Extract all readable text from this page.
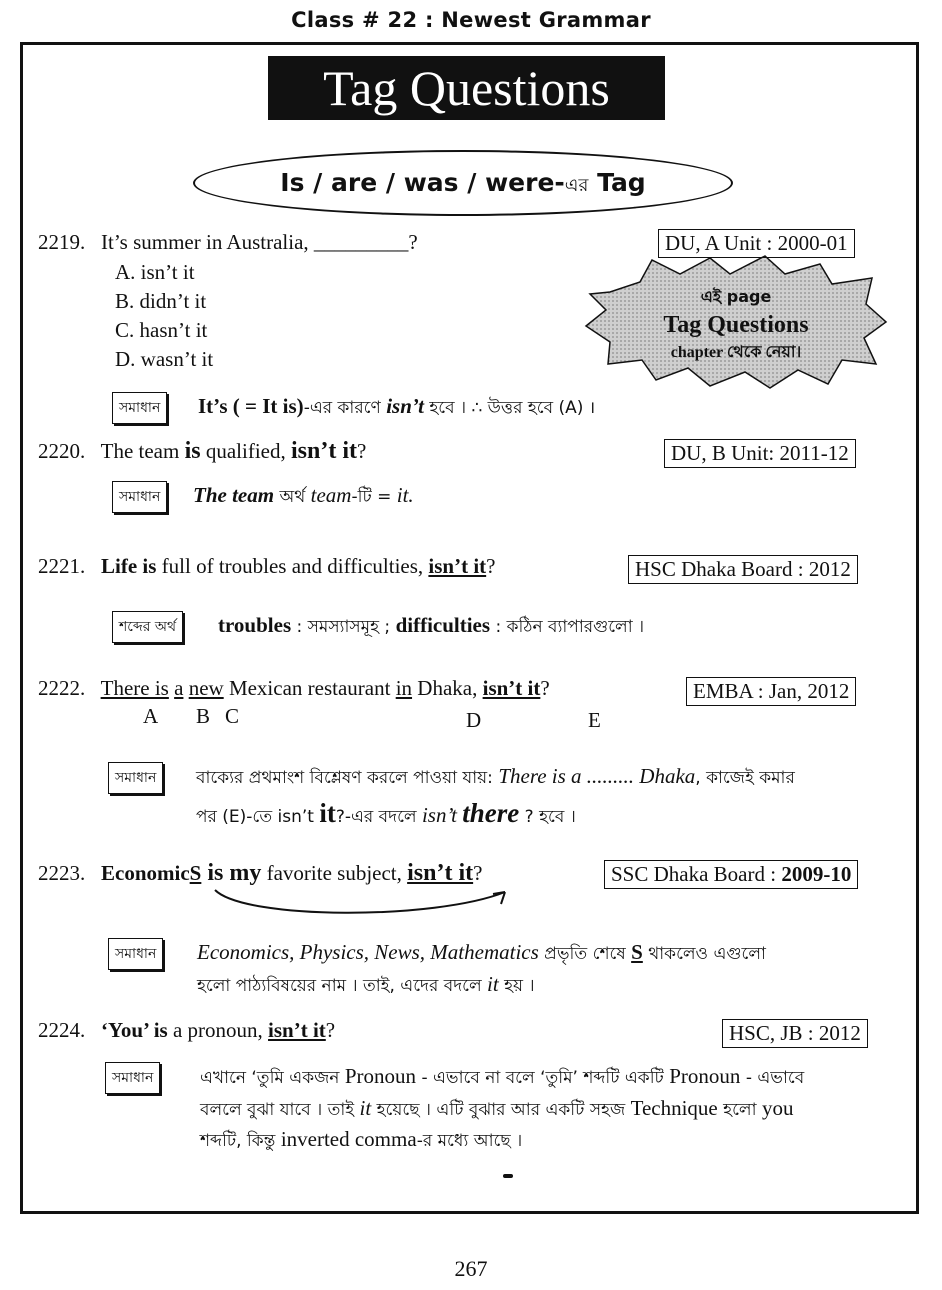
Class # 22 : Newest Grammar
Tag Questions
Is / are / was / were-এর Tag
এই page
Tag Questions
chapter থেকে নেয়া।
2219. It’s summer in Australia, _________?	DU, A Unit : 2000-01
A. isn’t it
B. didn’t it
C. hasn’t it
D. wasn’t it
সমাধান	It’s ( = It is)-এর কারণে isn’t হবে । ∴ উত্তর হবে (A) ।
2220. The team is qualified, isn’t it?	DU, B Unit: 2011-12
সমাধান	The team অর্থ team-টি = it.
2221. Life is full of troubles and difficulties, isn’t it?	HSC Dhaka Board : 2012
শব্দের অর্থ	troubles : সমস্যাসমূহ ; difficulties : কঠিন ব্যাপারগুলো ।
2222. There is a new Mexican restaurant in Dhaka, isn’t it?	EMBA : Jan, 2012
A B C	D	E
সমাধান	বাক্যের প্রথমাংশ বিশ্লেষণ করলে পাওয়া যায়: There is a ......... Dhaka, কাজেই কমার
পর (E)-তে isn’t it?-এর বদলে isn’t there ? হবে ।
2223. EconomicS is my favorite subject, isn’t it?	SSC Dhaka Board : 2009-10
সমাধান	Economics, Physics, News, Mathematics প্রভৃতি শেষে S থাকলেও এগুলো
হলো পাঠ্যবিষয়ের নাম । তাই, এদের বদলে it হয় ।
2224. ‘You’ is a pronoun, isn’t it?	HSC, JB : 2012
সমাধান	এখানে ‘তুমি একজন Pronoun - এভাবে না বলে ‘তুমি’ শব্দটি একটি Pronoun - এভাবে
বললে বুঝা যাবে । তাই it হয়েছে । এটি বুঝার আর একটি সহজ Technique হলো you
শব্দটি, কিন্তু inverted comma-র মধ্যে আছে ।
267
